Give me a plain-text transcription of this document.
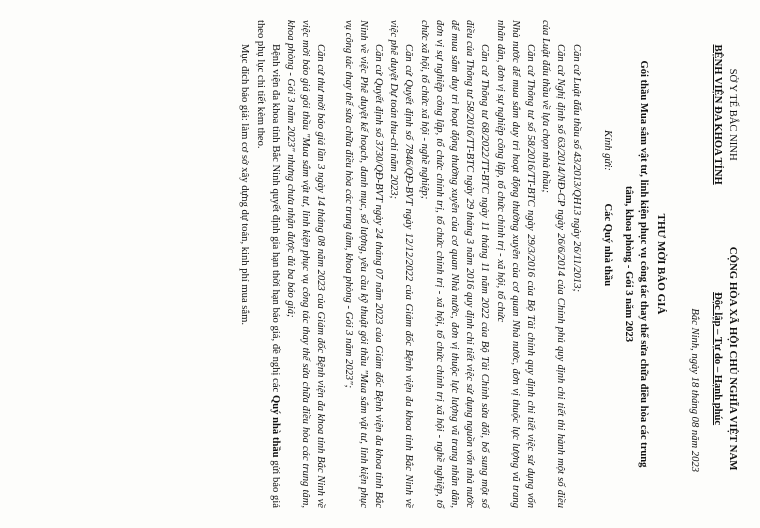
SỞ Y TẾ BẮC NINH
BỆNH VIỆN ĐA KHOA TỈNH
CỘNG HÒA XÃ HỘI CHỦ NGHĨA VIỆT NAM
Độc lập – Tự do – Hạnh phúc
Bắc Ninh, ngày 18 tháng 08 năm 2023
THƯ MỜI BÁO GIÁ
Gói thầu Mua sắm vật tư, linh kiện phục vụ công tác thay thế sửa chữa điều hòa các trung tâm, khoa phòng - Gói 3 năm 2023
Kính gửi: Các Quý nhà thầu

Căn cứ Luật đấu thầu số 43/2013/QH13 ngày 26/11/2013;

Căn cứ Nghị định số 63/2014/NĐ-CP ngày 26/6/2014 của Chính phủ quy định chi tiết thi hành một số điều của Luật đấu thầu về lựa chọn nhà thầu;

Căn cứ Thông tư số 58/2016/TT-BTC ngày 29/3/2016 của Bộ Tài chính quy định chi tiết việc sử dụng vốn Nhà nước để mua sắm duy trì hoạt động thường xuyên của cơ quan Nhà nước, đơn vị thuộc lực lượng vũ trang nhân dân, đơn vị sự nghiệp công lập, tổ chức chính trị - xã hội, tổ chức

Căn cứ Thông tư 68/2022/TT-BTC ngày 11 tháng 11 năm 2022 của Bộ Tài Chính sửa đổi, bổ sung một số điều của Thông tư 58/2016/TT-BTC ngày 29 tháng 3 năm 2016 quy định chi tiết việc sử dụng nguồn vốn nhà nước để mua sắm duy trì hoạt động thường xuyên của cơ quan Nhà nước, đơn vị thuộc lực lượng vũ trang nhân dân, đơn vị sự nghiệp công lập, tổ chức chính trị, tổ chức chính trị - xã hội, tổ chức chính trị xã hội - nghề nghiệp, tổ chức xã hội, tổ chức xã hội - nghề nghiệp;

Căn cứ Quyết định số 7846/QĐ-BVT ngày 12/12/2022 của Giám đốc Bệnh viện đa khoa tỉnh Bắc Ninh về việc phê duyệt Dự toán thu-chi năm 2023;

Căn cứ Quyết định số 3730/QĐ-BVT ngày 24 tháng 07 năm 2023 của Giám đốc Bệnh viện đa khoa tỉnh Bắc Ninh về việc Phê duyệt kế hoạch, danh mục, số lượng, yêu cầu kỹ thuật gói thầu "Mua sắm vật tư, linh kiện phục vụ công tác thay thế sửa chữa điều hòa các trung tâm, khoa phòng - Gói 3 năm 2023";

Căn cứ thư mời báo giá lần 3 ngày 14 tháng 08 năm 2023 của Giám đốc Bệnh viện đa khoa tỉnh Bắc Ninh về việc mời báo giá gói thầu "Mua sắm vật tư, linh kiện phục vụ công tác thay thế sửa chữa điều hòa các trung tâm, khoa phòng - Gói 3 năm 2023" nhưng chưa nhận được đủ ba báo giá;

Bệnh viện đa khoa tỉnh Bắc Ninh quyết định gia hạn thời hạn báo giá, đề nghị các Quý nhà thầu gửi báo giá theo phụ lục chi tiết kèm theo.

Mục đích báo giá: làm cơ sở xây dựng dự toán, kinh phí mua sắm.
